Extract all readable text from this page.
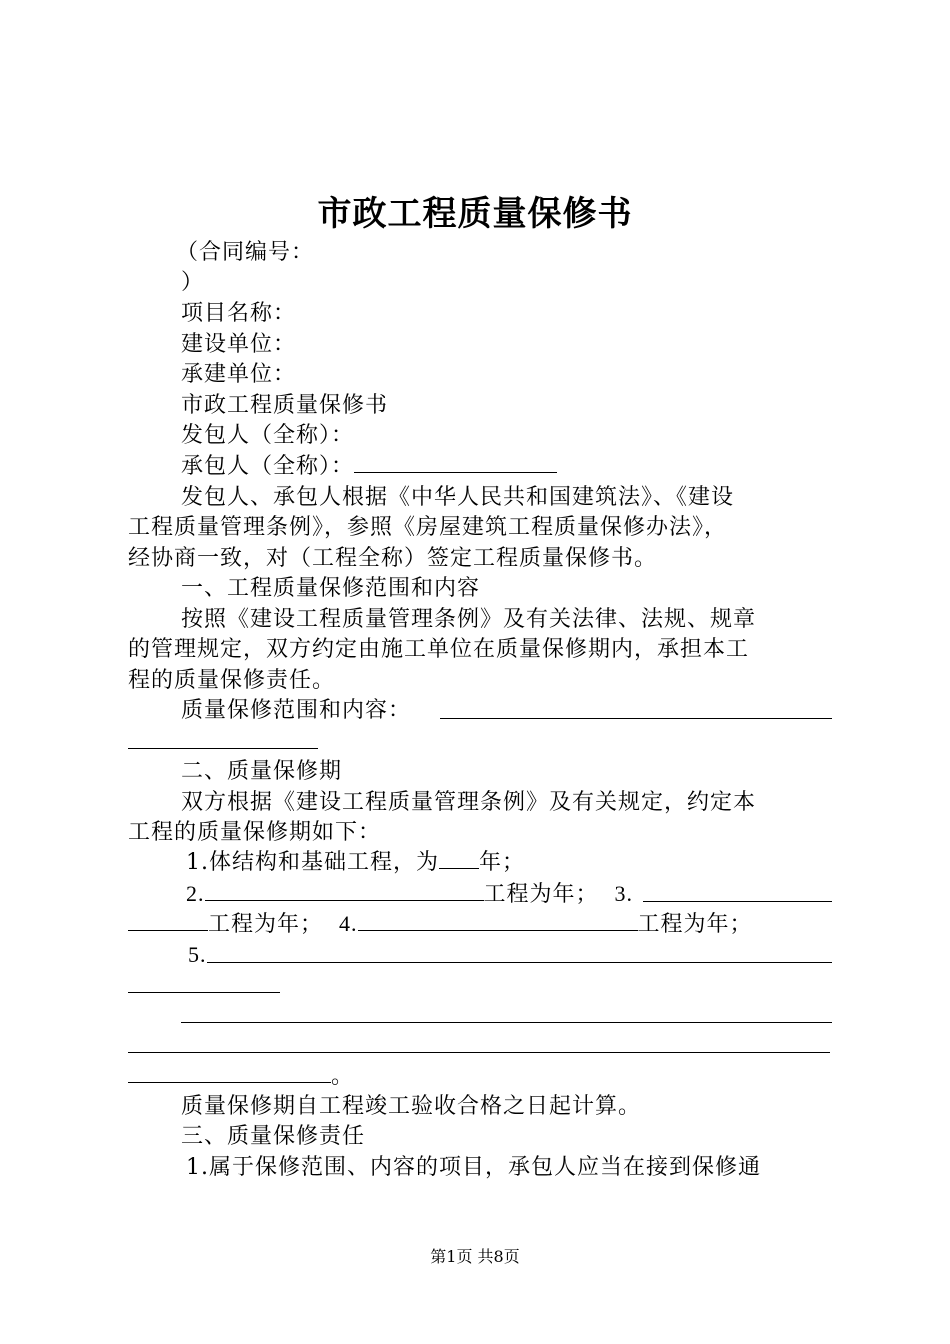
市政工程质量保修书
（合同编号：
）
项目名称：
建设单位：
承建单位：
市政工程质量保修书
发包人（全称）：
承包人（全称）：
发包人、承包人根据《中华人民共和国建筑法》、《建设
工程质量管理条例》，参照《房屋建筑工程质量保修办法》，
经协商一致，对（工程全称）签定工程质量保修书。
一、工程质量保修范围和内容
按照《建设工程质量管理条例》及有关法律、法规、规章
的管理规定，双方约定由施工单位在质量保修期内，承担本工
程的质量保修责任。
质量保修范围和内容：
二、质量保修期
双方根据《建设工程质量管理条例》及有关规定，约定本
工程的质量保修期如下：
1.体结构和基础工程，为 年；
2.	工程为年； 3.
工程为年； 4.	工程为年；
5.
。
质量保修期自工程竣工验收合格之日起计算。
三、质量保修责任
1.属于保修范围、内容的项目，承包人应当在接到保修通
第1页 共8页
